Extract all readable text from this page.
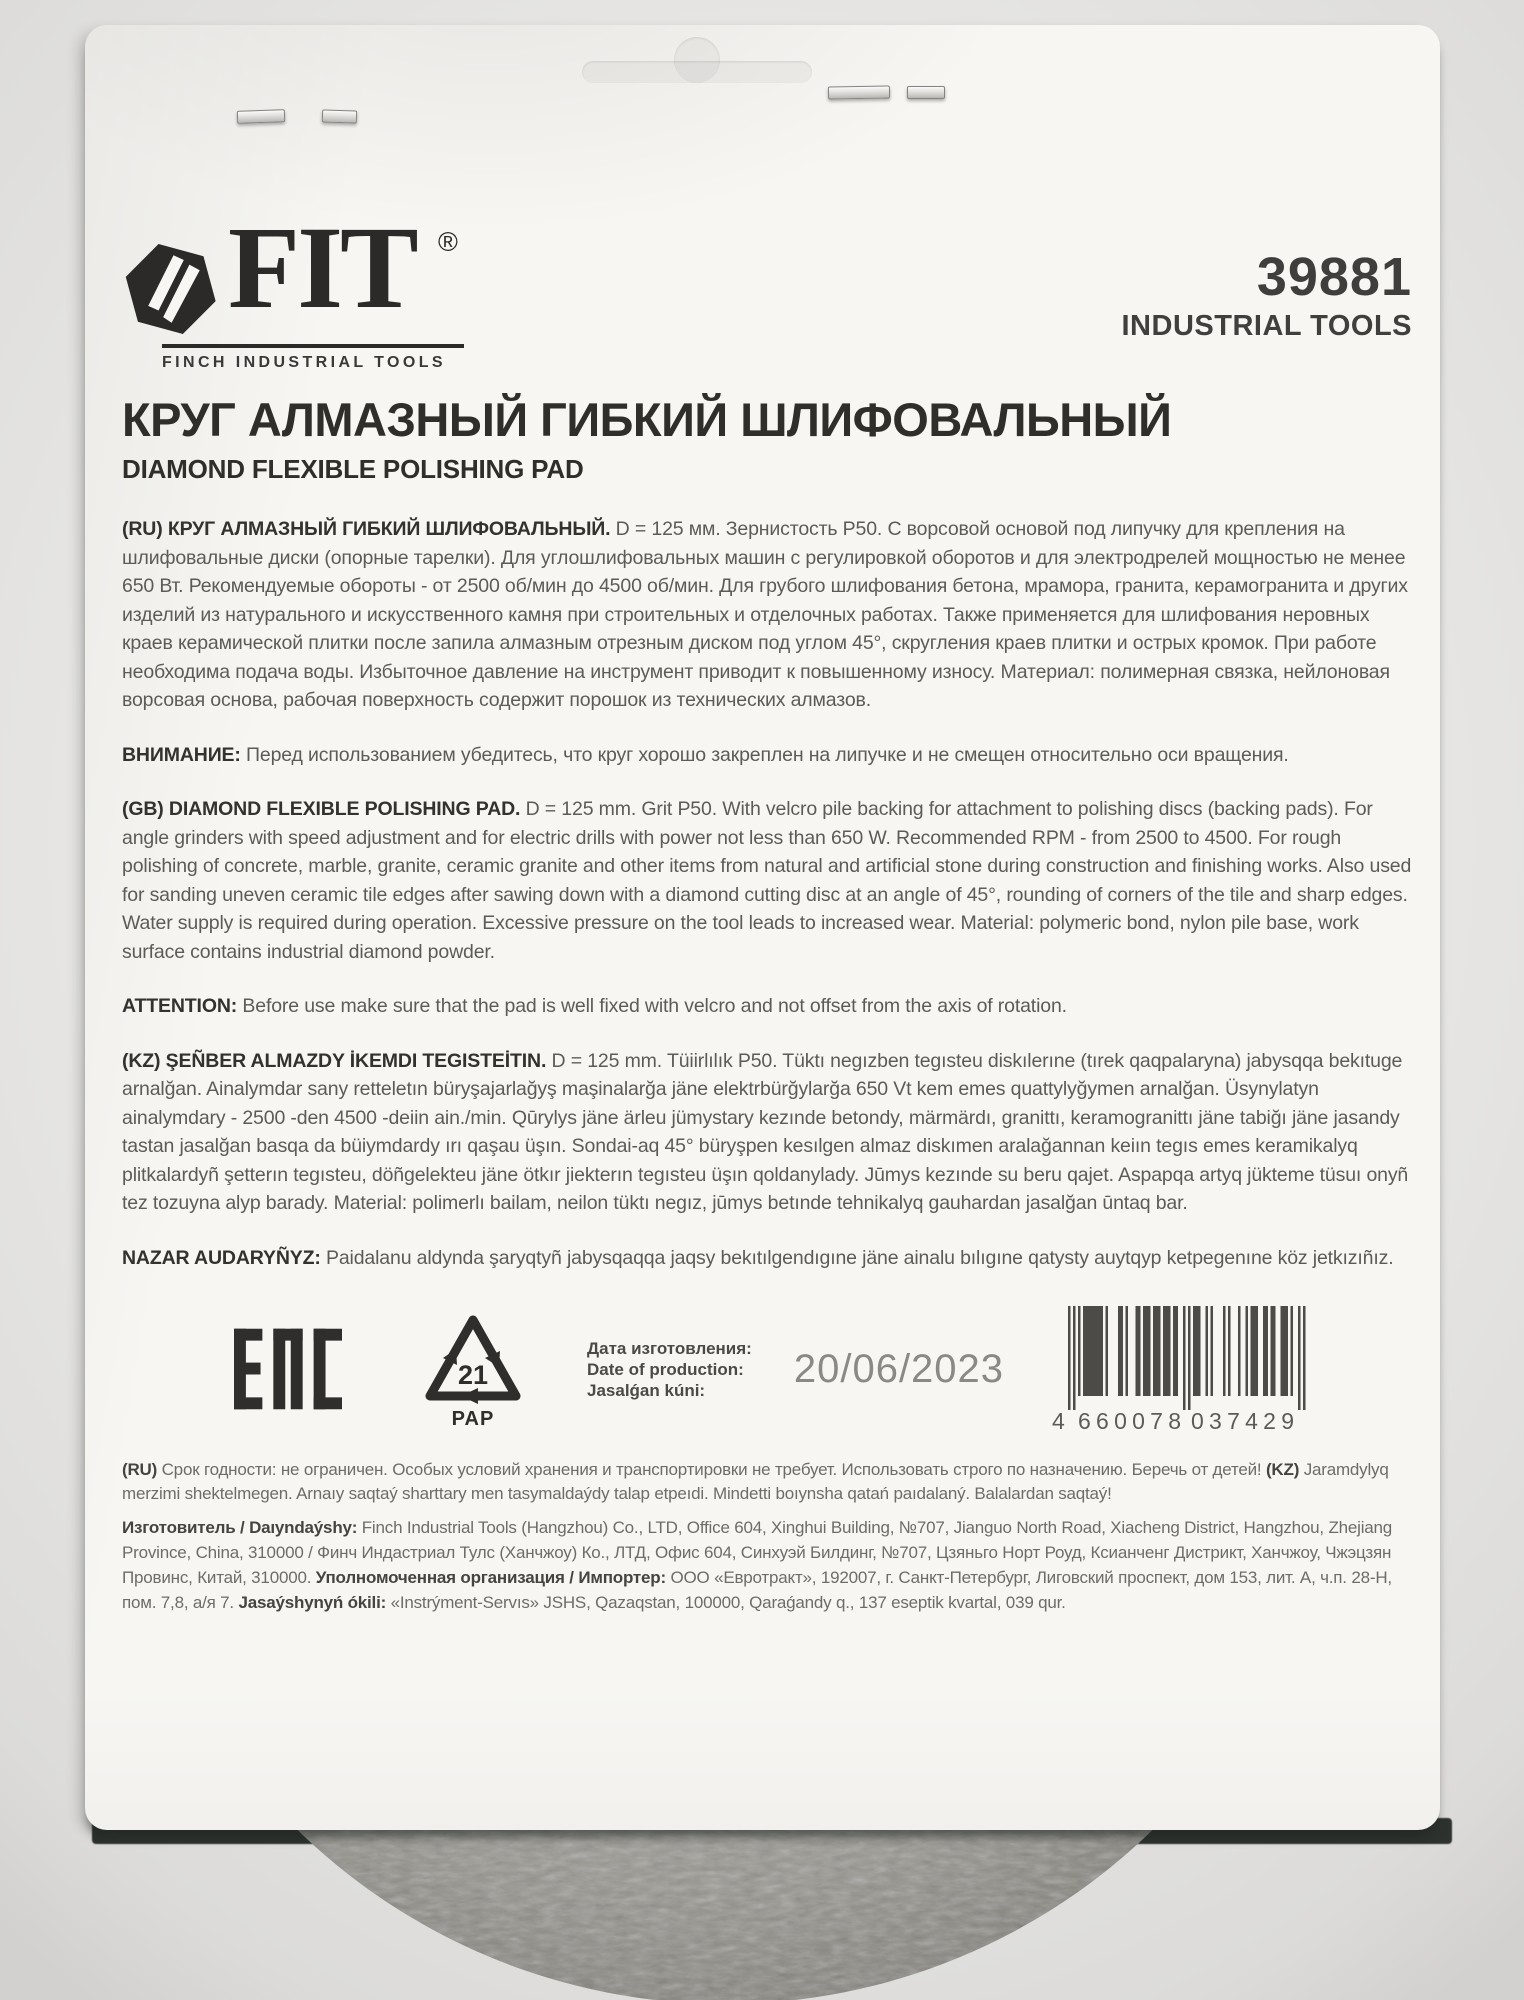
FIT ®
FINCH INDUSTRIAL TOOLS
39881
INDUSTRIAL TOOLS
КРУГ АЛМАЗНЫЙ ГИБКИЙ ШЛИФОВАЛЬНЫЙ
DIAMOND FLEXIBLE POLISHING PAD

(RU) КРУГ АЛМАЗНЫЙ ГИБКИЙ ШЛИФОВАЛЬНЫЙ. D = 125 мм. Зернистость P50. С ворсовой основой под липучку для крепления на шлифовальные диски (опорные тарелки). Для углошлифовальных машин с регулировкой оборотов и для электродрелей мощностью не менее 650 Вт. Рекомендуемые обороты - от 2500 об/мин до 4500 об/мин. Для грубого шлифования бетона, мрамора, гранита, керамогранита и других изделий из натурального и искусственного камня при строительных и отделочных работах. Также применяется для шлифования неровных краев керамической плитки после запила алмазным отрезным диском под углом 45°, скругления краев плитки и острых кромок. При работе необходима подача воды. Избыточное давление на инструмент приводит к повышенному износу. Материал: полимерная связка, нейлоновая ворсовая основа, рабочая поверхность содержит порошок из технических алмазов.

ВНИМАНИЕ: Перед использованием убедитесь, что круг хорошо закреплен на липучке и не смещен относительно оси вращения.

(GB) DIAMOND FLEXIBLE POLISHING PAD. D = 125 mm. Grit P50. With velcro pile backing for attachment to polishing discs (backing pads). For angle grinders with speed adjustment and for electric drills with power not less than 650 W. Recommended RPM - from 2500 to 4500. For rough polishing of concrete, marble, granite, ceramic granite and other items from natural and artificial stone during construction and finishing works. Also used for sanding uneven ceramic tile edges after sawing down with a diamond cutting disc at an angle of 45°, rounding of corners of the tile and sharp edges. Water supply is required during operation. Excessive pressure on the tool leads to increased wear. Material: polymeric bond, nylon pile base, work surface contains industrial diamond powder.

ATTENTION: Before use make sure that the pad is well fixed with velcro and not offset from the axis of rotation.

(KZ) ŞEÑBER ALMAZDY İKEMDI TEGISTEİTIN. D = 125 mm. Tüiirlılık P50. Tüktı negızben tegısteu diskılerıne (tırek qaqpalaryna) jabysqqa bekıtuge arnalğan. Ainalymdar sany retteletın büryşajarlağyş maşinalarğa jäne elektrbürğylarğa 650 Vt kem emes quattylyğymen arnalğan. Üsynylatyn ainalymdary - 2500 -den 4500 -deiin ain./min. Qūrylys jäne ärleu jümystary kezınde betondy, märmärdı, granittı, keramogranittı jäne tabiğı jäne jasandy tastan jasalğan basqa da büiymdardy ırı qaşau üşın. Sondai-aq 45° büryşpen kesılgen almaz diskımen aralağannan keiın tegıs emes keramikalyq plitkalardyñ şetterın tegısteu, döñgelekteu jäne ötkır jiekterın tegısteu üşın qoldanylady. Jūmys kezınde su beru qajet. Aspapqa artyq jükteme tüsuı onyñ tez tozuyna alyp barady. Material: polimerlı bailam, neilon tüktı negız, jūmys betınde tehnikalyq gauhardan jasalğan ūntaq bar.

NAZAR AUDARYÑYZ: Paidalanu aldynda şaryqtyñ jabysqaqqa jaqsy bekıtılgendıgıne jäne ainalu bılıgıne qatysty auytqyp ketpegenıne köz jetkızıñız.

21
PAP
Дата изготовления:
Date of production:
Jasalǵan kúni:	20/06/2023
4 660078 037429

(RU) Срок годности: не ограничен. Особых условий хранения и транспортировки не требует. Использовать строго по назначению. Беречь от детей! (KZ) Jaramdylyq merzimi shektelmegen. Arnaıy saqtaý sharttary men tasymaldaýdy talap etpeıdi. Mindetti boıynsha qatań paıdalaný. Balalardan saqtaý!

Изготовитель / Daıyndaýshy: Finch Industrial Tools (Hangzhou) Co., LTD, Office 604, Xinghui Building, №707, Jianguo North Road, Xiacheng District, Hangzhou, Zhejiang Province, China, 310000 / Финч Индастриал Тулс (Ханчжоу) Ко., ЛТД, Офис 604, Синхуэй Билдинг, №707, Цзяньго Норт Роуд, Ксианченг Дистрикт, Ханчжоу, Чжэцзян Провинс, Китай, 310000. Уполномоченная организация / Импортер: ООО «Евротракт», 192007, г. Санкт-Петербург, Лиговский проспект, дом 153, лит. А, ч.п. 28-Н, пом. 7,8, а/я 7. Jasaýshynyń ókili: «Instrýment-Servıs» JSHS, Qazaqstan, 100000, Qaraǵandy q., 137 eseptik kvartal, 039 qur.
